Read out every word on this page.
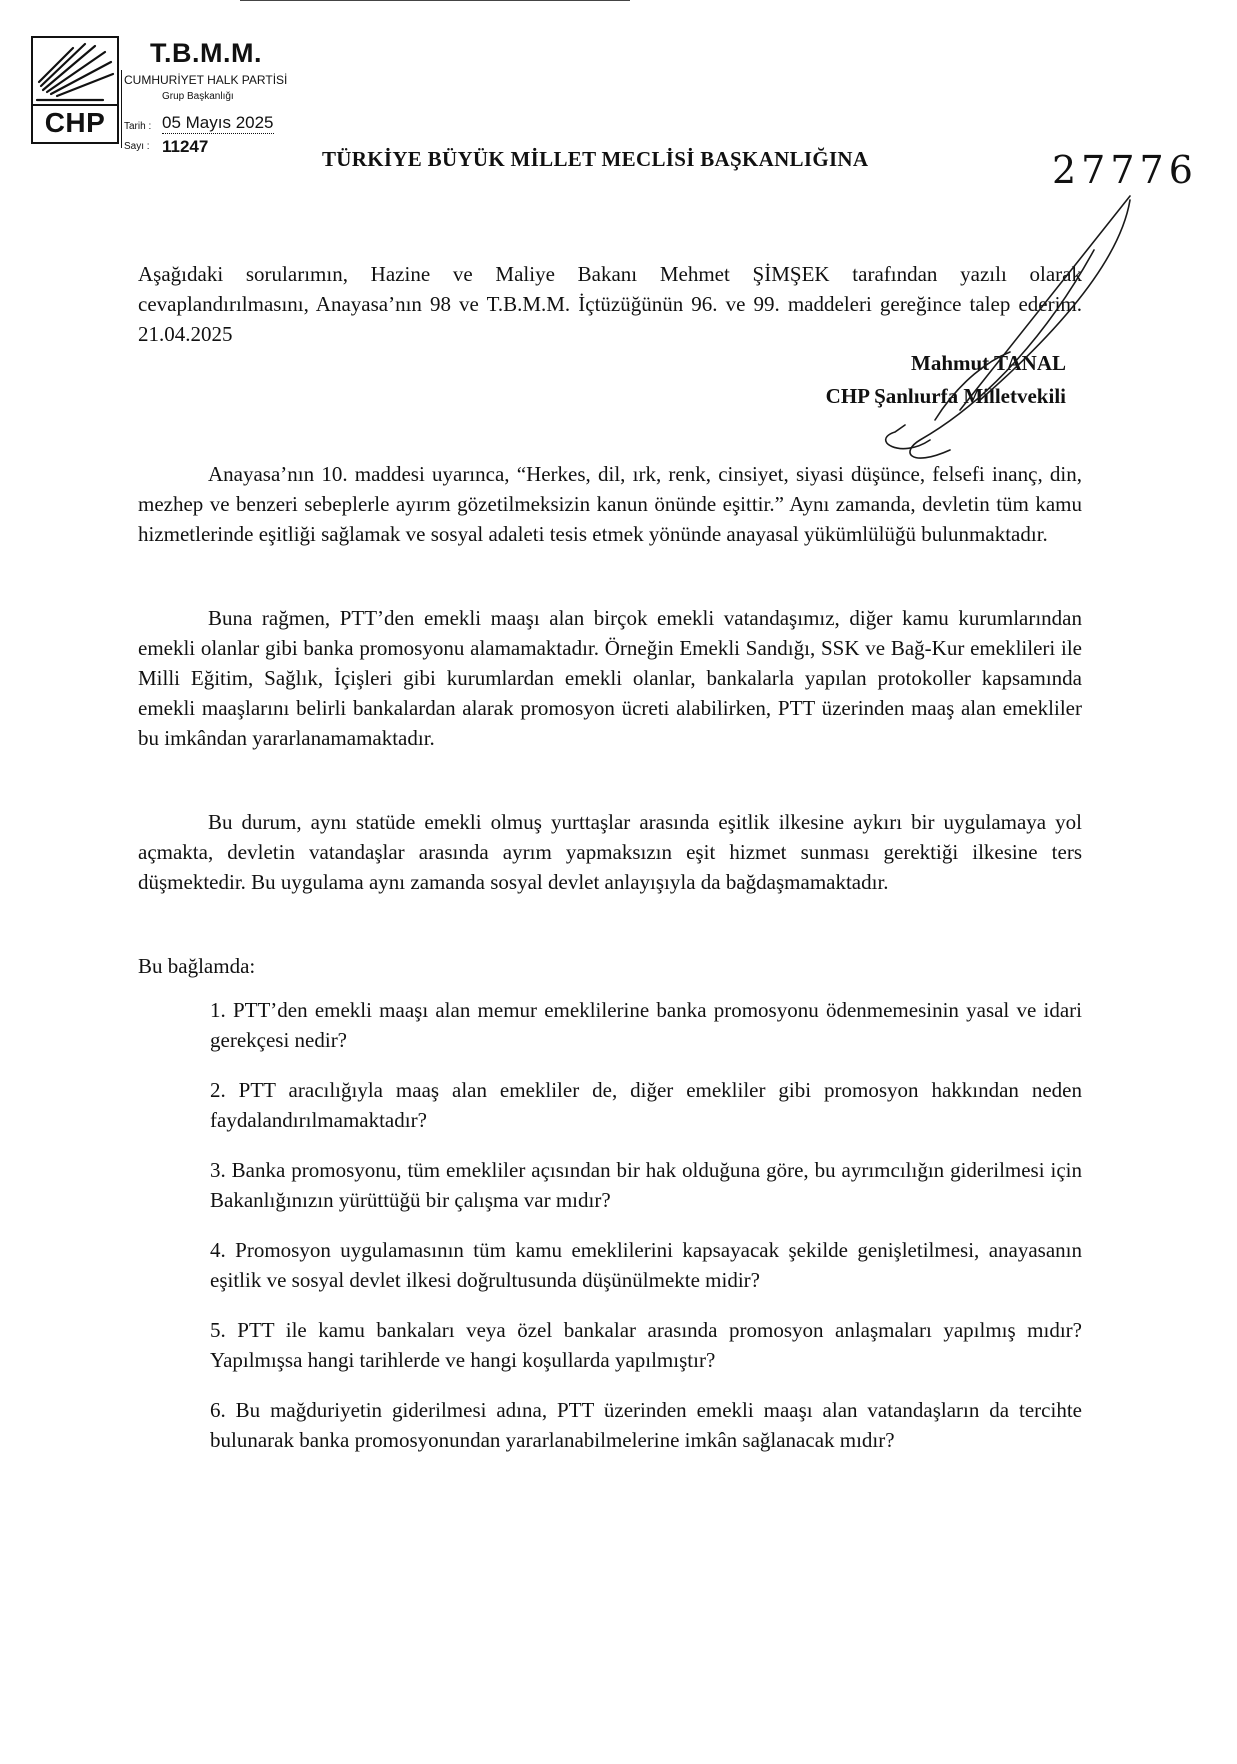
CHP
T.B.M.M.
CUMHURİYET HALK PARTİSİ
Grup Başkanlığı
Tarih : 05 Mayıs 2025
Sayı : 11247
TÜRKİYE BÜYÜK MİLLET MECLİSİ BAŞKANLIĞINA	27776

Aşağıdaki sorularımın, Hazine ve Maliye Bakanı Mehmet ŞİMŞEK tarafından yazılı olarak cevaplandırılmasını, Anayasa’nın 98 ve T.B.M.M. İçtüzüğünün 96. ve 99. maddeleri gereğince talep ederim. 21.04.2025

Mahmut TANAL
CHP Şanlıurfa Milletvekili

Anayasa’nın 10. maddesi uyarınca, “Herkes, dil, ırk, renk, cinsiyet, siyasi düşünce, felsefi inanç, din, mezhep ve benzeri sebeplerle ayırım gözetilmeksizin kanun önünde eşittir.” Aynı zamanda, devletin tüm kamu hizmetlerinde eşitliği sağlamak ve sosyal adaleti tesis etmek yönünde anayasal yükümlülüğü bulunmaktadır.

Buna rağmen, PTT’den emekli maaşı alan birçok emekli vatandaşımız, diğer kamu kurumlarından emekli olanlar gibi banka promosyonu alamamaktadır. Örneğin Emekli Sandığı, SSK ve Bağ-Kur emeklileri ile Milli Eğitim, Sağlık, İçişleri gibi kurumlardan emekli olanlar, bankalarla yapılan protokoller kapsamında emekli maaşlarını belirli bankalardan alarak promosyon ücreti alabilirken, PTT üzerinden maaş alan emekliler bu imkândan yararlanamamaktadır.

Bu durum, aynı statüde emekli olmuş yurttaşlar arasında eşitlik ilkesine aykırı bir uygulamaya yol açmakta, devletin vatandaşlar arasında ayrım yapmaksızın eşit hizmet sunması gerektiği ilkesine ters düşmektedir. Bu uygulama aynı zamanda sosyal devlet anlayışıyla da bağdaşmamaktadır.

Bu bağlamda:

1. PTT’den emekli maaşı alan memur emeklilerine banka promosyonu ödenmemesinin yasal ve idari gerekçesi nedir?

2. PTT aracılığıyla maaş alan emekliler de, diğer emekliler gibi promosyon hakkından neden faydalandırılmamaktadır?

3. Banka promosyonu, tüm emekliler açısından bir hak olduğuna göre, bu ayrımcılığın giderilmesi için Bakanlığınızın yürüttüğü bir çalışma var mıdır?

4. Promosyon uygulamasının tüm kamu emeklilerini kapsayacak şekilde genişletilmesi, anayasanın eşitlik ve sosyal devlet ilkesi doğrultusunda düşünülmekte midir?

5. PTT ile kamu bankaları veya özel bankalar arasında promosyon anlaşmaları yapılmış mıdır? Yapılmışsa hangi tarihlerde ve hangi koşullarda yapılmıştır?

6. Bu mağduriyetin giderilmesi adına, PTT üzerinden emekli maaşı alan vatandaşların da tercihte bulunarak banka promosyonundan yararlanabilmelerine imkân sağlanacak mıdır?
